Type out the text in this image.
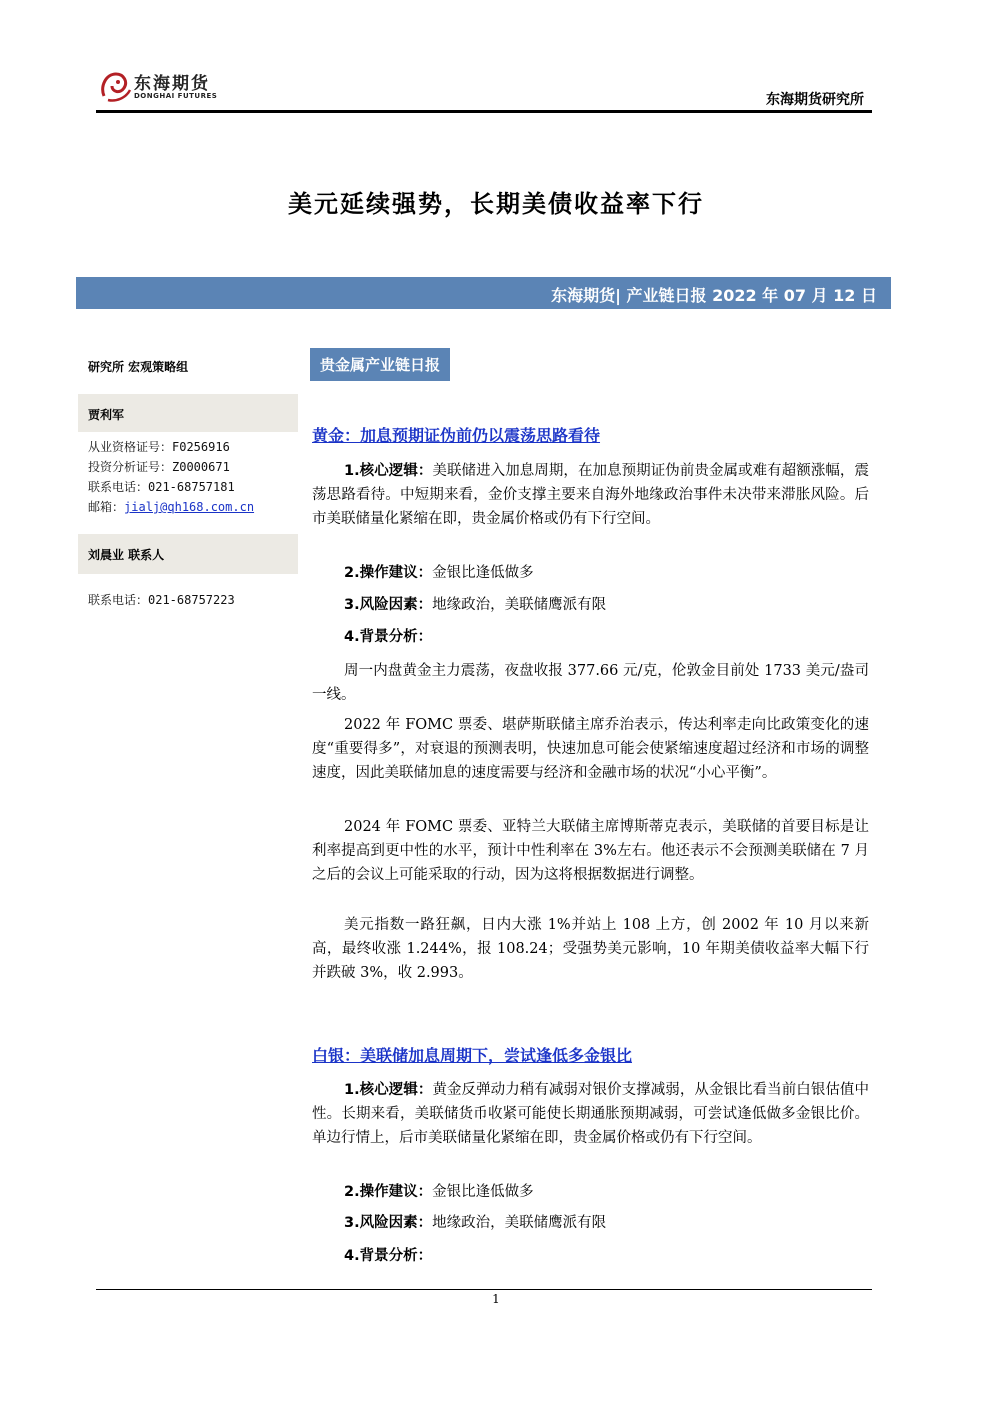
东海期货
DONGHAI FUTURES	东海期货研究所
美元延续强势，长期美债收益率下行
东海期货| 产业链日报 2022 年 07 月 12 日
研究所 宏观策略组
贾利军
从业资格证号：F0256916
投资分析证号：Z0000671
联系电话：021-68757181
邮箱：jialj@qh168.com.cn
刘晨业 联系人
联系电话：021-68757223
贵金属产业链日报
黄金：加息预期证伪前仍以震荡思路看待

1.核心逻辑：美联储进入加息周期，在加息预期证伪前贵金属或难有超额涨幅，震荡思路看待。中短期来看，金价支撑主要来自海外地缘政治事件未决带来滞胀风险。后市美联储量化紧缩在即，贵金属价格或仍有下行空间。

2.操作建议：金银比逢低做多
3.风险因素：地缘政治，美联储鹰派有限
4.背景分析：

周一内盘黄金主力震荡，夜盘收报 377.66 元/克，伦敦金目前处 1733 美元/盎司一线。

2022 年 FOMC 票委、堪萨斯联储主席乔治表示，传达利率走向比政策变化的速度“重要得多”，对衰退的预测表明，快速加息可能会使紧缩速度超过经济和市场的调整速度，因此美联储加息的速度需要与经济和金融市场的状况“小心平衡”。

2024 年 FOMC 票委、亚特兰大联储主席博斯蒂克表示，美联储的首要目标是让利率提高到更中性的水平，预计中性利率在 3%左右。他还表示不会预测美联储在 7 月之后的会议上可能采取的行动，因为这将根据数据进行调整。

美元指数一路狂飙，日内大涨 1%并站上 108 上方，创 2002 年 10 月以来新高，最终收涨 1.244%，报 108.24；受强势美元影响，10 年期美债收益率大幅下行并跌破 3%，收 2.993。

白银：美联储加息周期下，尝试逢低多金银比

1.核心逻辑：黄金反弹动力稍有减弱对银价支撑减弱，从金银比看当前白银估值中性。长期来看，美联储货币收紧可能使长期通胀预期减弱，可尝试逢低做多金银比价。单边行情上，后市美联储量化紧缩在即，贵金属价格或仍有下行空间。

2.操作建议：金银比逢低做多
3.风险因素：地缘政治，美联储鹰派有限
4.背景分析：
1
